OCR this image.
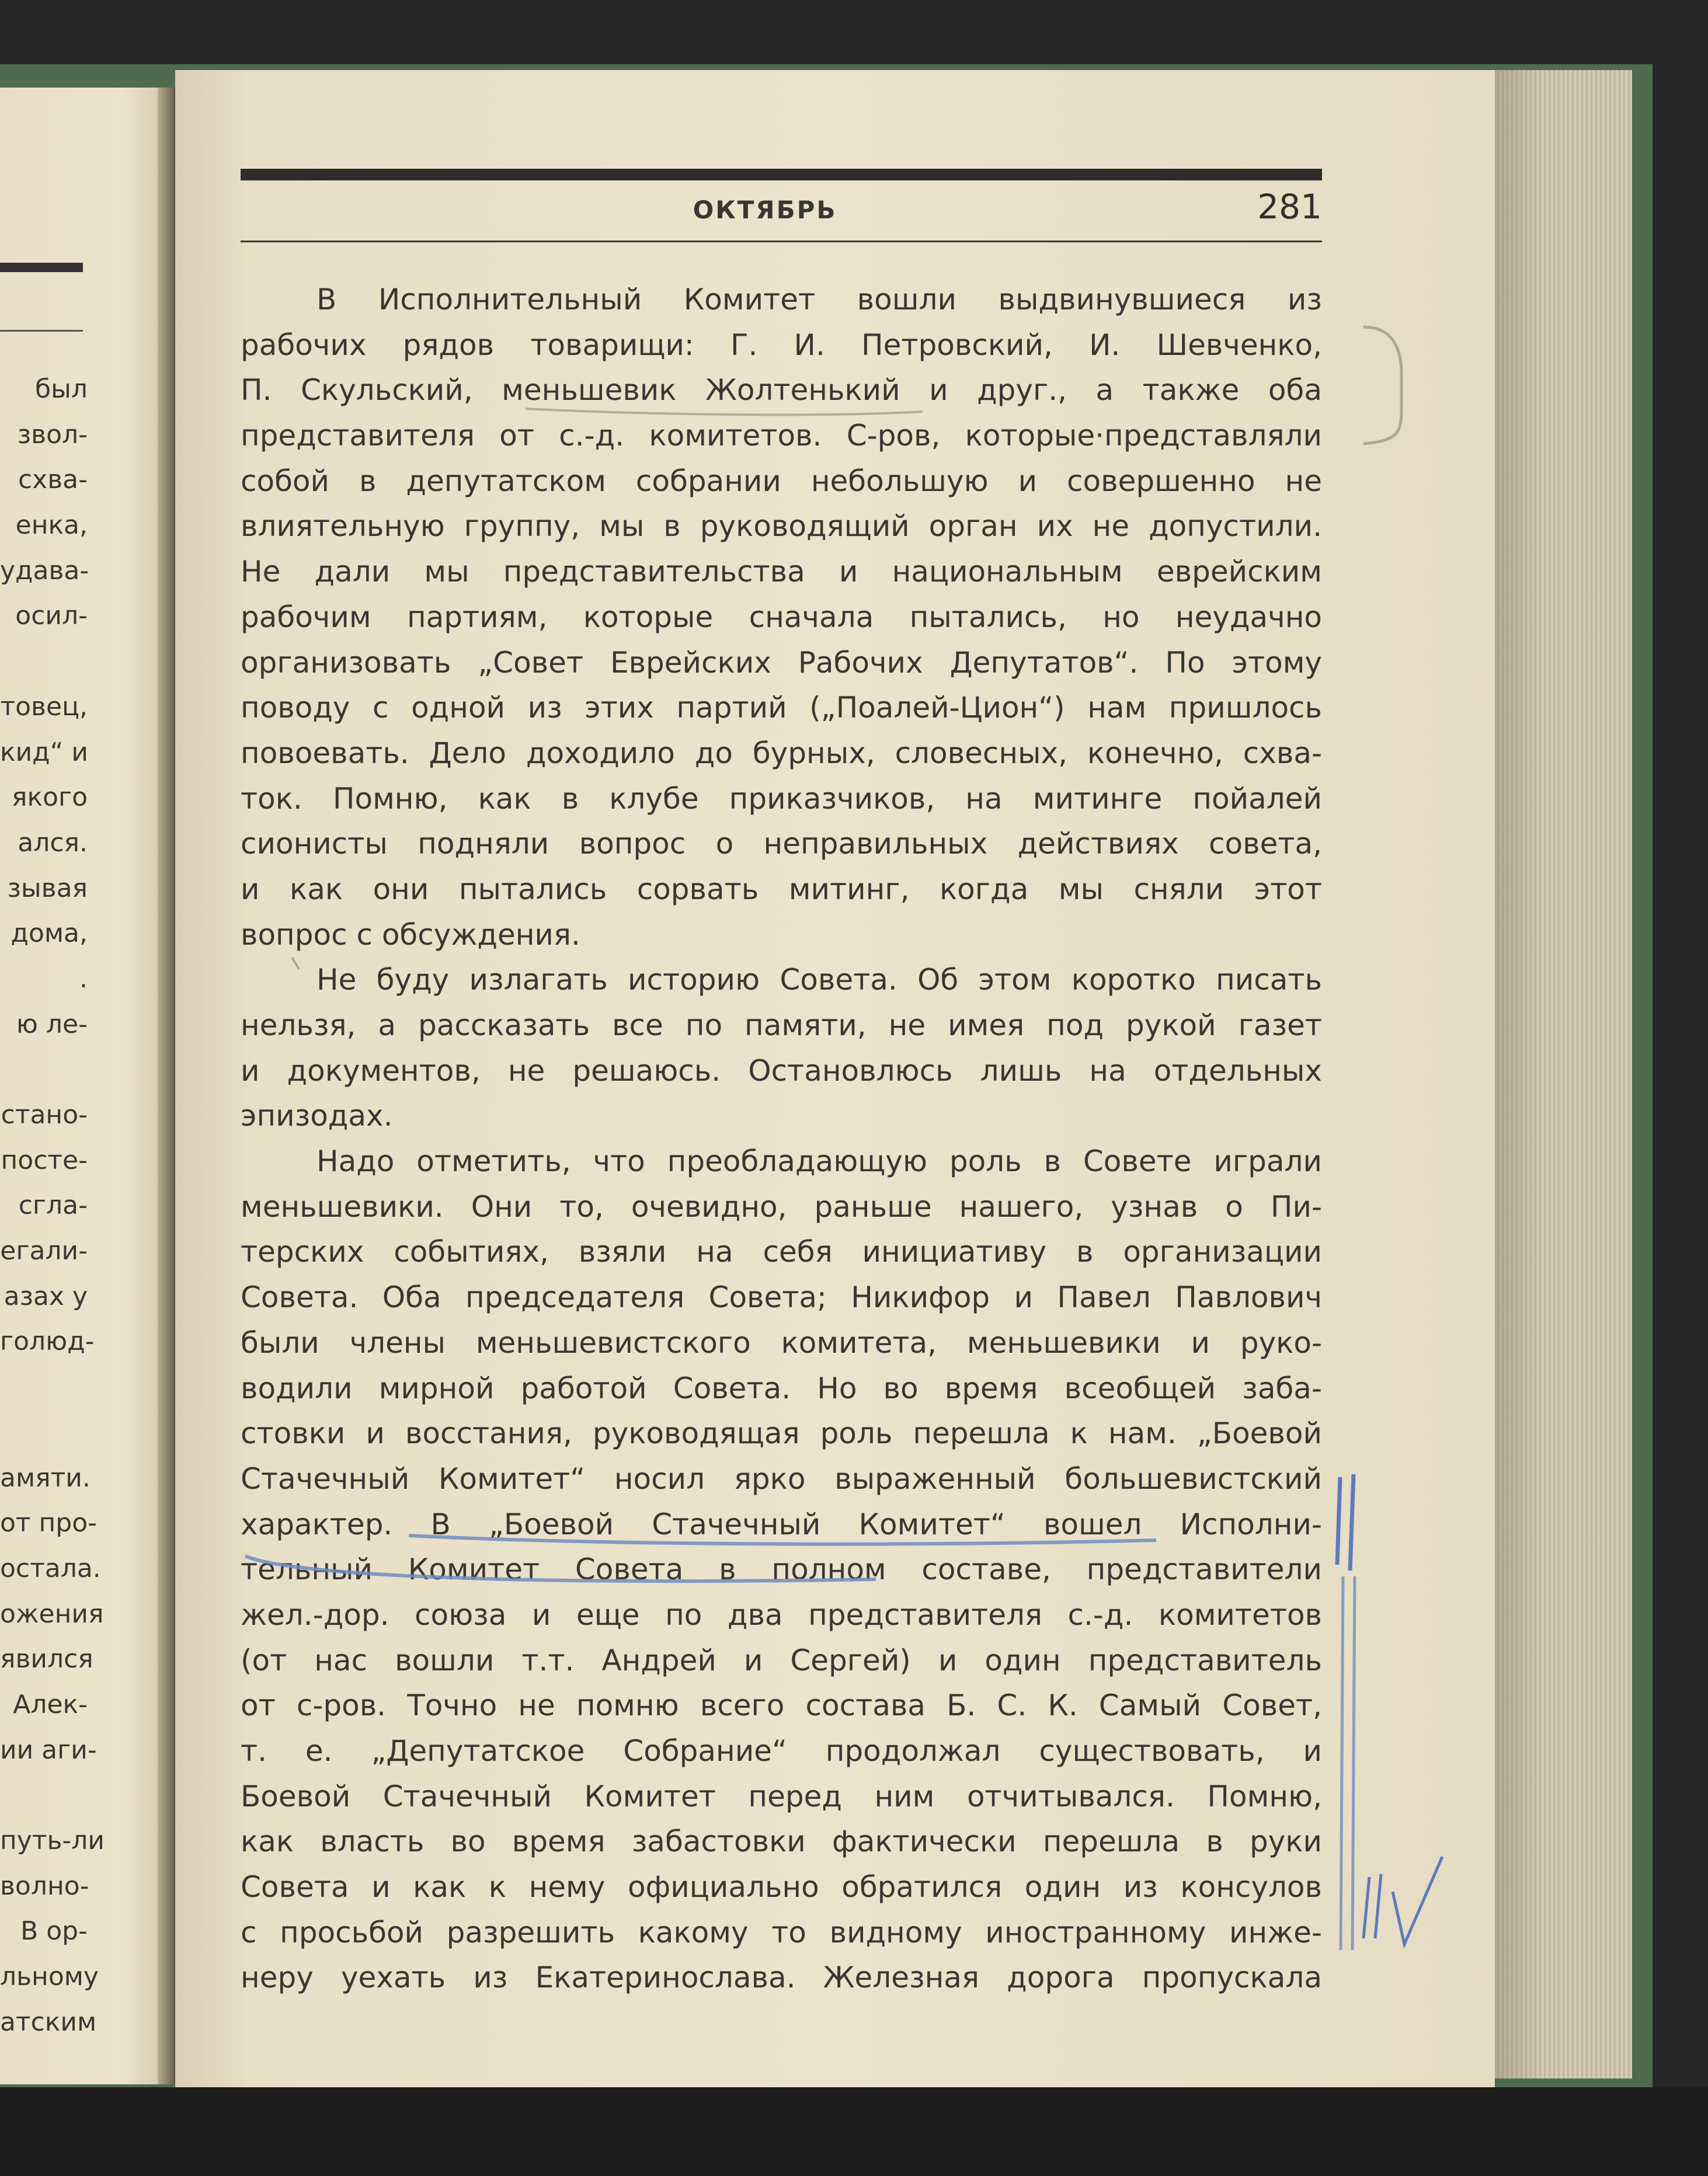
был
звол-
схва-
енка,
удава-
осил-
товец,
кид“ и
якого
ался.
зывая
дома,
.
ю ле-
стано-
посте-
сгла-
егали-
азах у
голюд-
амяти.
от про-
остала.
ожения
явился
Алек-
ии аги-
путь-ли
волно-
В ор-
льному
атским
ОКТЯБРЬ	281
В Исполнительный Комитет вошли выдвинувшиеся из
рабочих рядов товарищи: Г. И. Петровский, И. Шевченко,
П. Скульский, меньшевик Жолтенький и друг., а также оба
представителя от с.-д. комитетов. С-ров, которые·представляли
собой в депутатском собрании небольшую и совершенно не
влиятельную группу, мы в руководящий орган их не допустили.
Не дали мы представительства и национальным еврейским
рабочим партиям, которые сначала пытались, но неудачно
организовать „Совет Еврейских Рабочих Депутатов“. По этому
поводу с одной из этих партий („Поалей-Цион“) нам пришлось
повоевать. Дело доходило до бурных, словесных, конечно, схва-
ток. Помню, как в клубе приказчиков, на митинге пойалей
сионисты подняли вопрос о неправильных действиях совета,
и как они пытались сорвать митинг, когда мы сняли этот
вопрос с обсуждения.
Не буду излагать историю Совета. Об этом коротко писать
нельзя, а рассказать все по памяти, не имея под рукой газет
и документов, не решаюсь. Остановлюсь лишь на отдельных
эпизодах.
Надо отметить, что преобладающую роль в Совете играли
меньшевики. Они то, очевидно, раньше нашего, узнав о Пи-
терских событиях, взяли на себя инициативу в организации
Совета. Оба председателя Совета; Никифор и Павел Павлович
были члены меньшевистского комитета, меньшевики и руко-
водили мирной работой Совета. Но во время всеобщей заба-
стовки и восстания, руководящая роль перешла к нам. „Боевой
Стачечный Комитет“ носил ярко выраженный большевистский
характер. В „Боевой Стачечный Комитет“ вошел Исполни-
тельный Комитет Совета в полном составе, представители
жел.-дор. союза и еще по два представителя с.-д. комитетов
(от нас вошли т.т. Андрей и Сергей) и один представитель
от с-ров. Точно не помню всего состава Б. С. К. Самый Совет,
т. е. „Депутатское Собрание“ продолжал существовать, и
Боевой Стачечный Комитет перед ним отчитывался. Помню,
как власть во время забастовки фактически перешла в руки
Совета и как к нему официально обратился один из консулов
с просьбой разрешить какому то видному иностранному инже-
неру уехать из Екатеринослава. Железная дорога пропускала
